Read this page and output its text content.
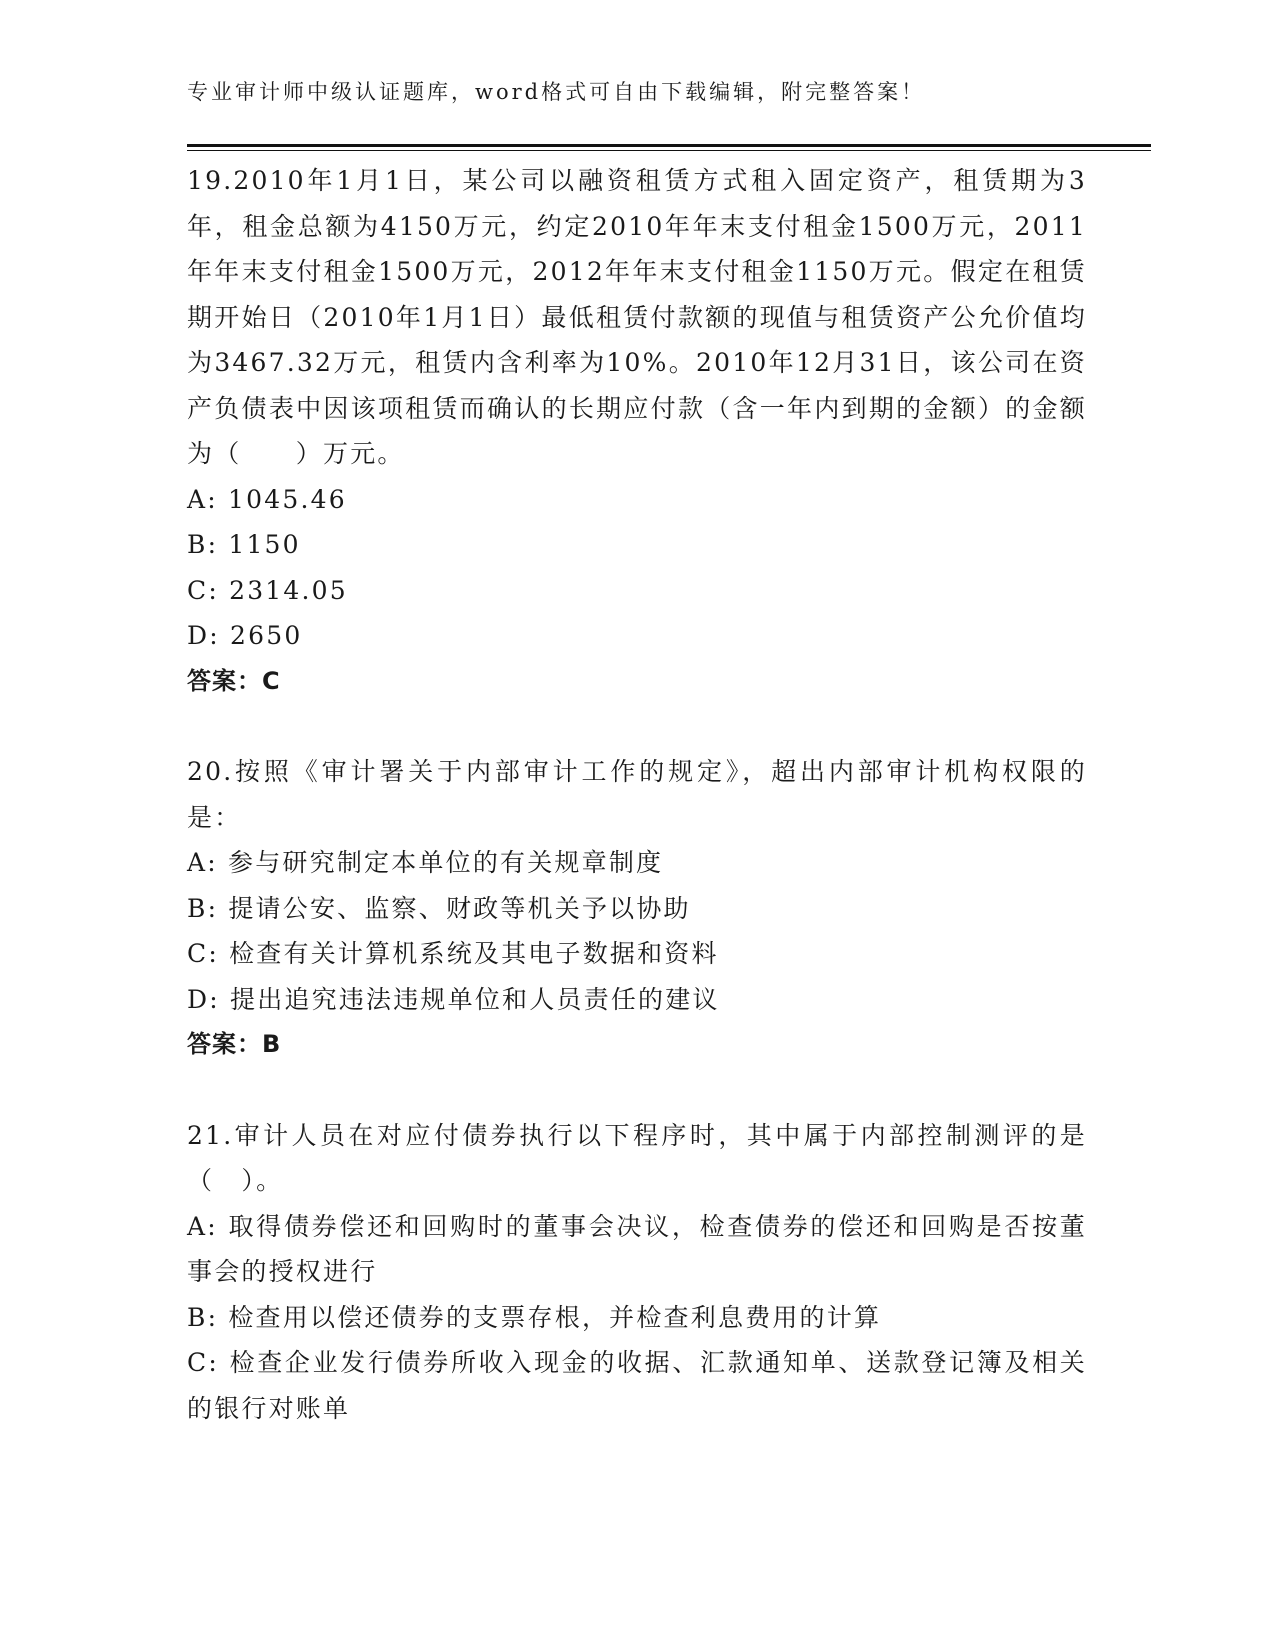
专业审计师中级认证题库，word格式可自由下载编辑，附完整答案！

19.2010年1月1日，某公司以融资租赁方式租入固定资产，租赁期为3年，租金总额为4150万元，约定2010年年末支付租金1500万元，2011年年末支付租金1500万元，2012年年末支付租金1150万元。假定在租赁期开始日（2010年1月1日）最低租赁付款额的现值与租赁资产公允价值均为3467.32万元，租赁内含利率为10%。2010年12月31日，该公司在资产负债表中因该项租赁而确认的长期应付款（含一年内到期的金额）的金额为（　　）万元。

A: 1045.46

B: 1150

C: 2314.05

D: 2650

答案：C

20.按照《审计署关于内部审计工作的规定》，超出内部审计机构权限的是：

A: 参与研究制定本单位的有关规章制度

B: 提请公安、监察、财政等机关予以协助

C: 检查有关计算机系统及其电子数据和资料

D: 提出追究违法违规单位和人员责任的建议

答案：B

21.审计人员在对应付债券执行以下程序时，其中属于内部控制测评的是（　）。

A: 取得债券偿还和回购时的董事会决议，检查债券的偿还和回购是否按董事会的授权进行

B: 检查用以偿还债券的支票存根，并检查利息费用的计算

C: 检查企业发行债券所收入现金的收据、汇款通知单、送款登记簿及相关的银行对账单
